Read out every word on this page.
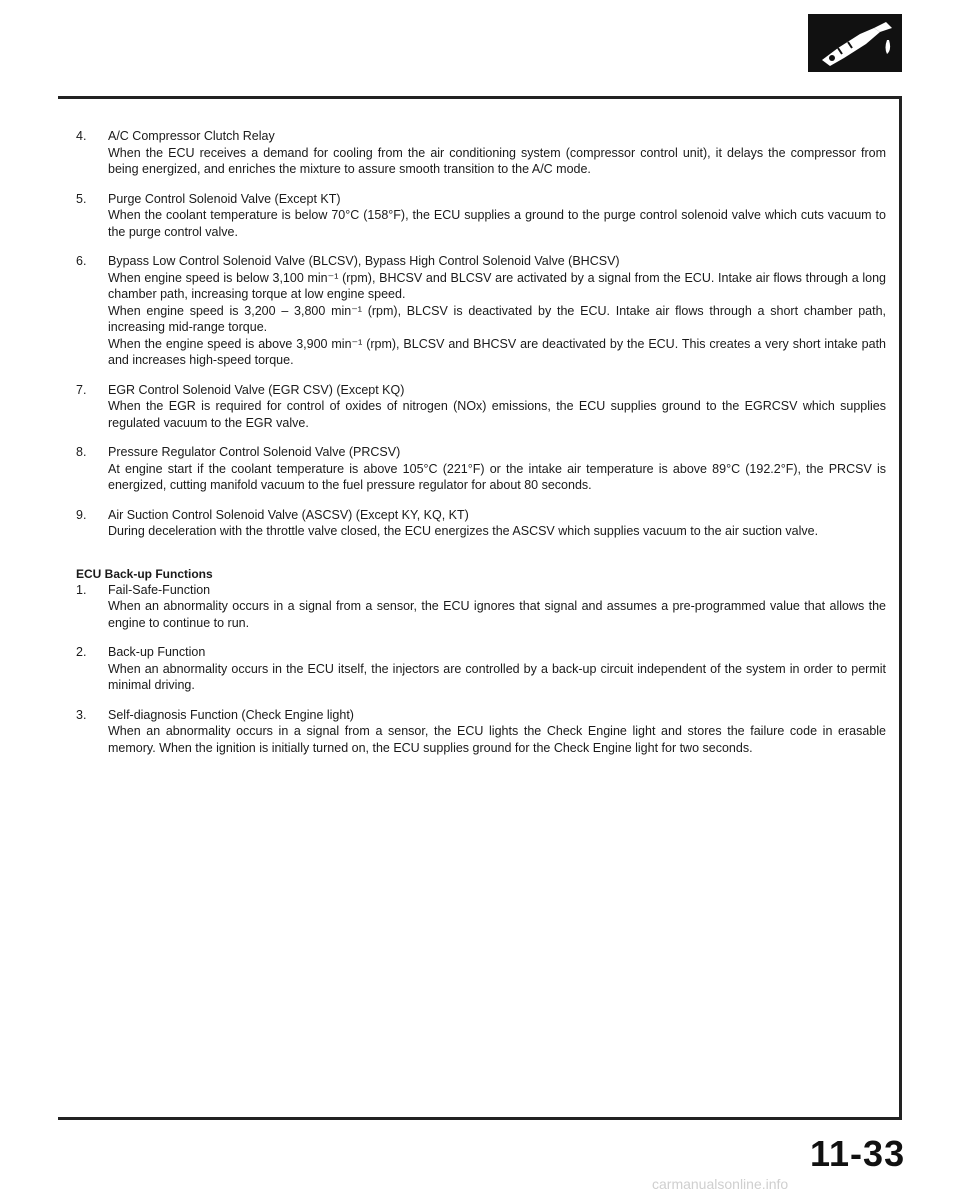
4. A/C Compressor Clutch Relay

When the ECU receives a demand for cooling from the air conditioning system (compressor control unit), it delays the compressor from being energized, and enriches the mixture to assure smooth transition to the A/C mode.

5. Purge Control Solenoid Valve (Except KT)

When the coolant temperature is below 70°C (158°F), the ECU supplies a ground to the purge control solenoid valve which cuts vacuum to the purge control valve.

6. Bypass Low Control Solenoid Valve (BLCSV), Bypass High Control Solenoid Valve (BHCSV)

When engine speed is below 3,100 min⁻¹ (rpm), BHCSV and BLCSV are activated by a signal from the ECU. Intake air flows through a long chamber path, increasing torque at low engine speed.

When engine speed is 3,200 – 3,800 min⁻¹ (rpm), BLCSV is deactivated by the ECU. Intake air flows through a short chamber path, increasing mid-range torque.

When the engine speed is above 3,900 min⁻¹ (rpm), BLCSV and BHCSV are deactivated by the ECU. This creates a very short intake path and increases high-speed torque.

7. EGR Control Solenoid Valve (EGR CSV) (Except KQ)

When the EGR is required for control of oxides of nitrogen (NOx) emissions, the ECU supplies ground to the EGRCSV which supplies regulated vacuum to the EGR valve.

8. Pressure Regulator Control Solenoid Valve (PRCSV)

At engine start if the coolant temperature is above 105°C (221°F) or the intake air temperature is above 89°C (192.2°F), the PRCSV is energized, cutting manifold vacuum to the fuel pressure regulator for about 80 seconds.

9. Air Suction Control Solenoid Valve (ASCSV) (Except KY, KQ, KT)

During deceleration with the throttle valve closed, the ECU energizes the ASCSV which supplies vacuum to the air suction valve.

ECU Back-up Functions

1. Fail-Safe-Function

When an abnormality occurs in a signal from a sensor, the ECU ignores that signal and assumes a pre-programmed value that allows the engine to continue to run.

2. Back-up Function

When an abnormality occurs in the ECU itself, the injectors are controlled by a back-up circuit independent of the system in order to permit minimal driving.

3. Self-diagnosis Function (Check Engine light)

When an abnormality occurs in a signal from a sensor, the ECU lights the Check Engine light and stores the failure code in erasable memory. When the ignition is initially turned on, the ECU supplies ground for the Check Engine light for two seconds.

11-33
carmanualsonline.info
